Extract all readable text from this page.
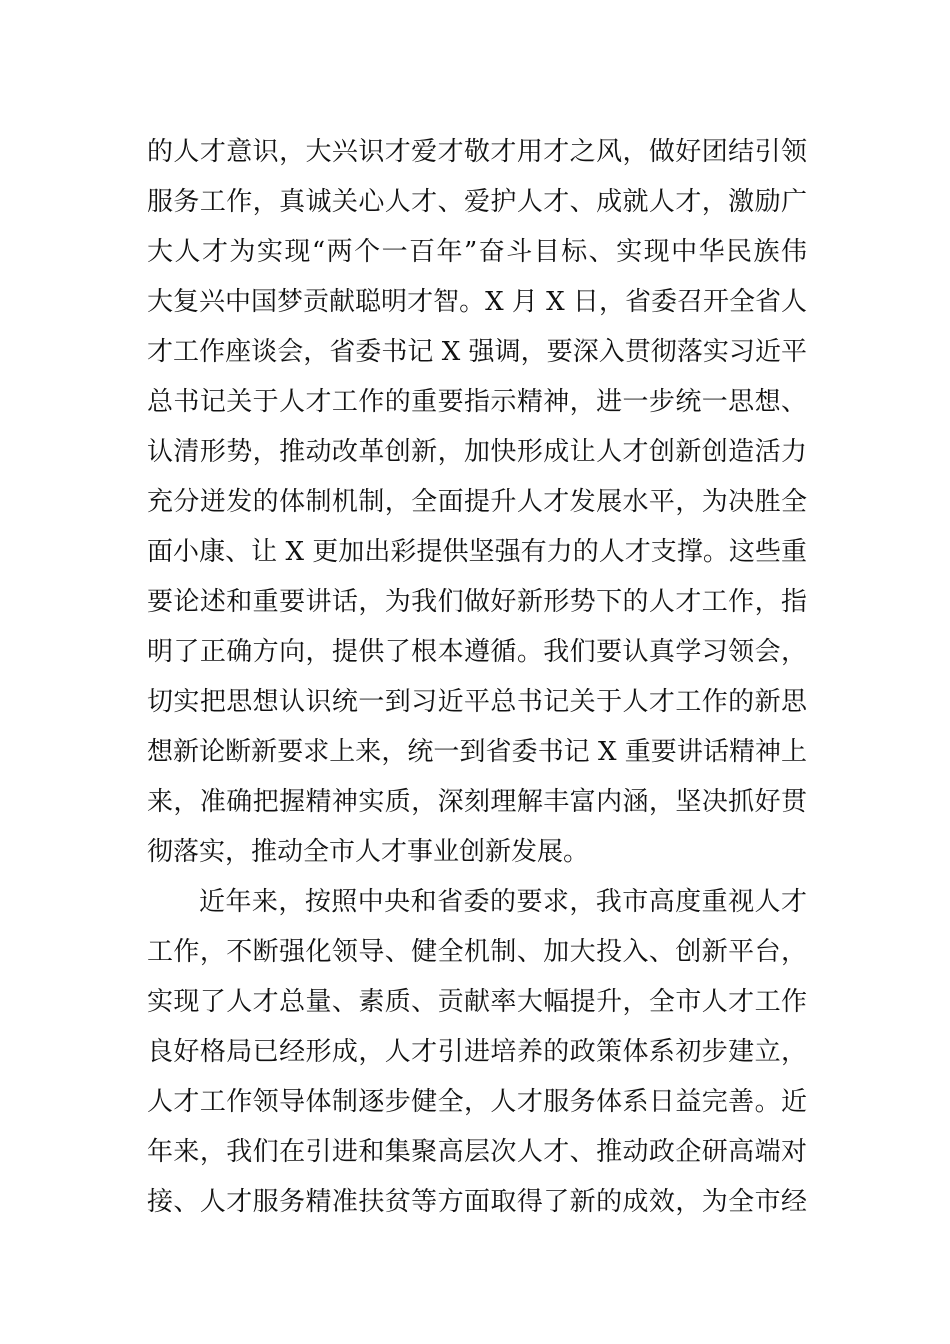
的人才意识，大兴识才爱才敬才用才之风，做好团结引领
服务工作，真诚关心人才、爱护人才、成就人才，激励广
大人才为实现“两个一百年”奋斗目标、实现中华民族伟
大复兴中国梦贡献聪明才智。X 月 X 日，省委召开全省人
才工作座谈会，省委书记 X 强调，要深入贯彻落实习近平
总书记关于人才工作的重要指示精神，进一步统一思想、
认清形势，推动改革创新，加快形成让人才创新创造活力
充分迸发的体制机制，全面提升人才发展水平，为决胜全
面小康、让 X 更加出彩提供坚强有力的人才支撑。这些重
要论述和重要讲话，为我们做好新形势下的人才工作，指
明了正确方向，提供了根本遵循。我们要认真学习领会，
切实把思想认识统一到习近平总书记关于人才工作的新思
想新论断新要求上来，统一到省委书记 X 重要讲话精神上
来，准确把握精神实质，深刻理解丰富内涵，坚决抓好贯
彻落实，推动全市人才事业创新发展。
近年来，按照中央和省委的要求，我市高度重视人才
工作，不断强化领导、健全机制、加大投入、创新平台，
实现了人才总量、素质、贡献率大幅提升，全市人才工作
良好格局已经形成，人才引进培养的政策体系初步建立，
人才工作领导体制逐步健全，人才服务体系日益完善。近
年来，我们在引进和集聚高层次人才、推动政企研高端对
接、人才服务精准扶贫等方面取得了新的成效，为全市经
